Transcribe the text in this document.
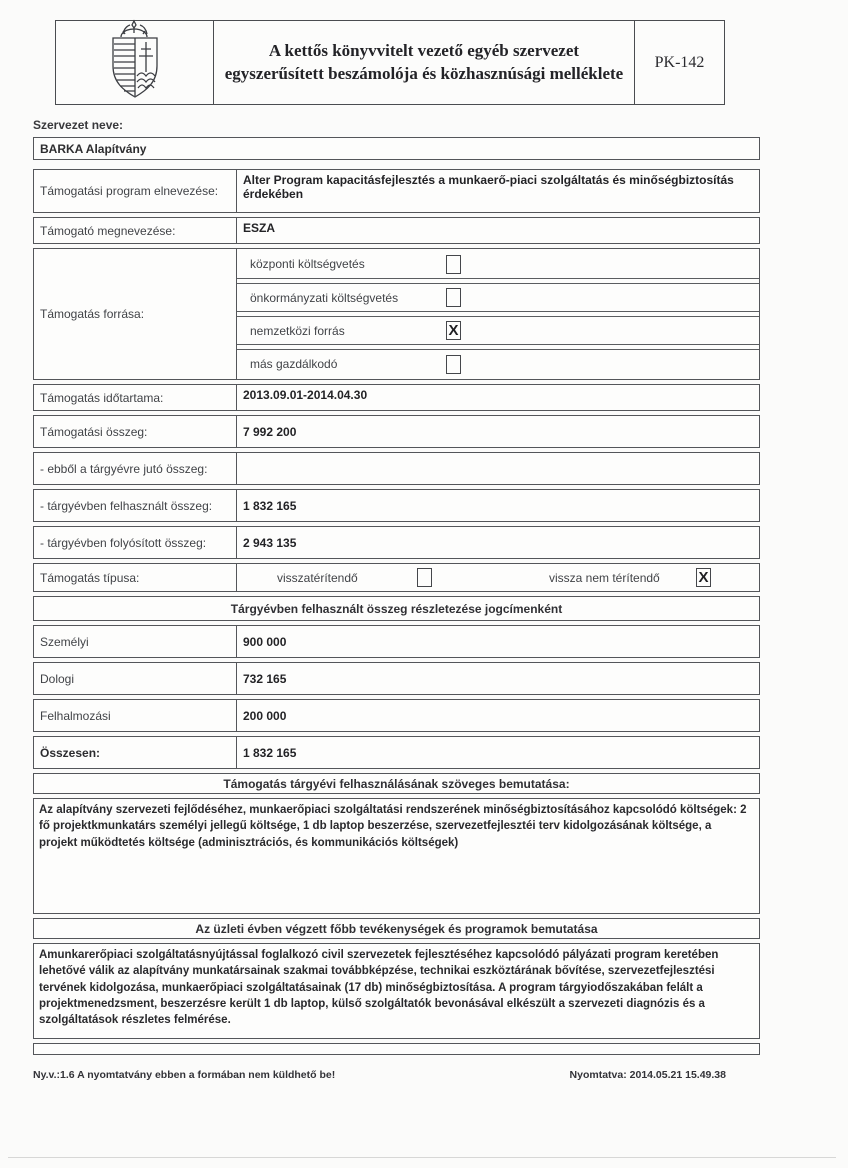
A kettős könyvvitelt vezető egyéb szervezet
egyszerűsített beszámolója és közhasznúsági melléklete
PK-142
Szervezet neve:
BARKA Alapítvány
Támogatási program elnevezése:
Alter Program kapacitásfejlesztés a munkaerő-piaci szolgáltatás és minőségbiztosítás érdekében
Támogató megnevezése:	ESZA
Támogatás forrása:
központi költségvetés
önkormányzati költségvetés
nemzetközi forrás	X
más gazdálkodó
Támogatás időtartama:	2013.09.01-2014.04.30
Támogatási összeg:	7 992 200
- ebből a tárgyévre jutó összeg:
- tárgyévben felhasznált összeg:	1 832 165
- tárgyévben folyósított összeg:	2 943 135
Támogatás típusa:	visszatérítendő	vissza nem térítendő	X
Tárgyévben felhasznált összeg részletezése jogcímenként
Személyi	900 000
Dologi	732 165
Felhalmozási	200 000
Összesen:	1 832 165
Támogatás tárgyévi felhasználásának szöveges bemutatása:
Az alapítvány szervezeti fejlődéséhez, munkaerőpiaci szolgáltatási rendszerének minőségbiztosításához kapcsolódó költségek: 2 fő projektkmunkatárs személyi jellegű költsége, 1 db laptop beszerzése, szervezetfejlesztéi terv kidolgozásának költsége, a projekt működtetés költsége (adminisztrációs, és kommunikációs költségek)
Az üzleti évben végzett főbb tevékenységek és programok bemutatása
Amunkarerőpiaci szolgáltatásnyújtással foglalkozó civil szervezetek fejlesztéséhez kapcsolódó pályázati program keretében lehetővé válik az alapítvány munkatársainak szakmai továbbképzése, technikai eszköztárának bővítése, szervezetfejlesztési tervének kidolgozása, munkaerőpiaci szolgáltatásainak (17 db) minőségbiztosítása. A program tárgyiodőszakában felált a projektmenedzsment, beszerzésre került 1 db laptop, külső szolgáltatók bevonásával elkészült a szervezeti diagnózis és a szolgáltatások részletes felmérése.
Ny.v.:1.6 A nyomtatvány ebben a formában nem küldhető be!	Nyomtatva: 2014.05.21 15.49.38
